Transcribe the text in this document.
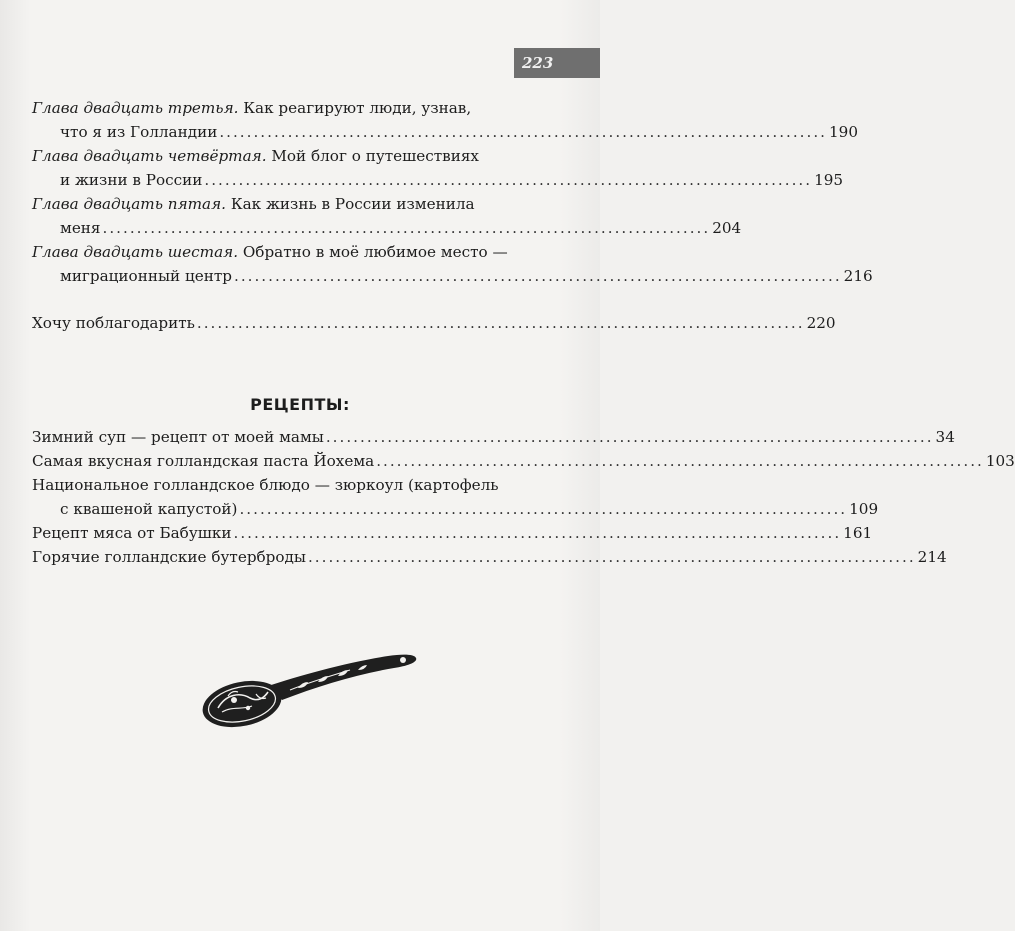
223
Глава двадцать третья. Как реагируют люди, узнав,
что я из Голландии ......................................................................................... 190
Глава двадцать четвёртая. Мой блог о путешествиях
и жизни в России ......................................................................................... 195
Глава двадцать пятая. Как жизнь в России изменила
меня ......................................................................................... 204
Глава двадцать шестая. Обратно в моё любимое место —
миграционный центр ......................................................................................... 216
Хочу поблагодарить ......................................................................................... 220
РЕЦЕПТЫ:
Зимний суп — рецепт от моей мамы ......................................................................................... 34
Самая вкусная голландская паста Йохема ......................................................................................... 103
Национальное голландское блюдо — зюркоул (картофель
с квашеной капустой) ......................................................................................... 109
Рецепт мяса от Бабушки ......................................................................................... 161
Горячие голландские бутерброды ......................................................................................... 214
